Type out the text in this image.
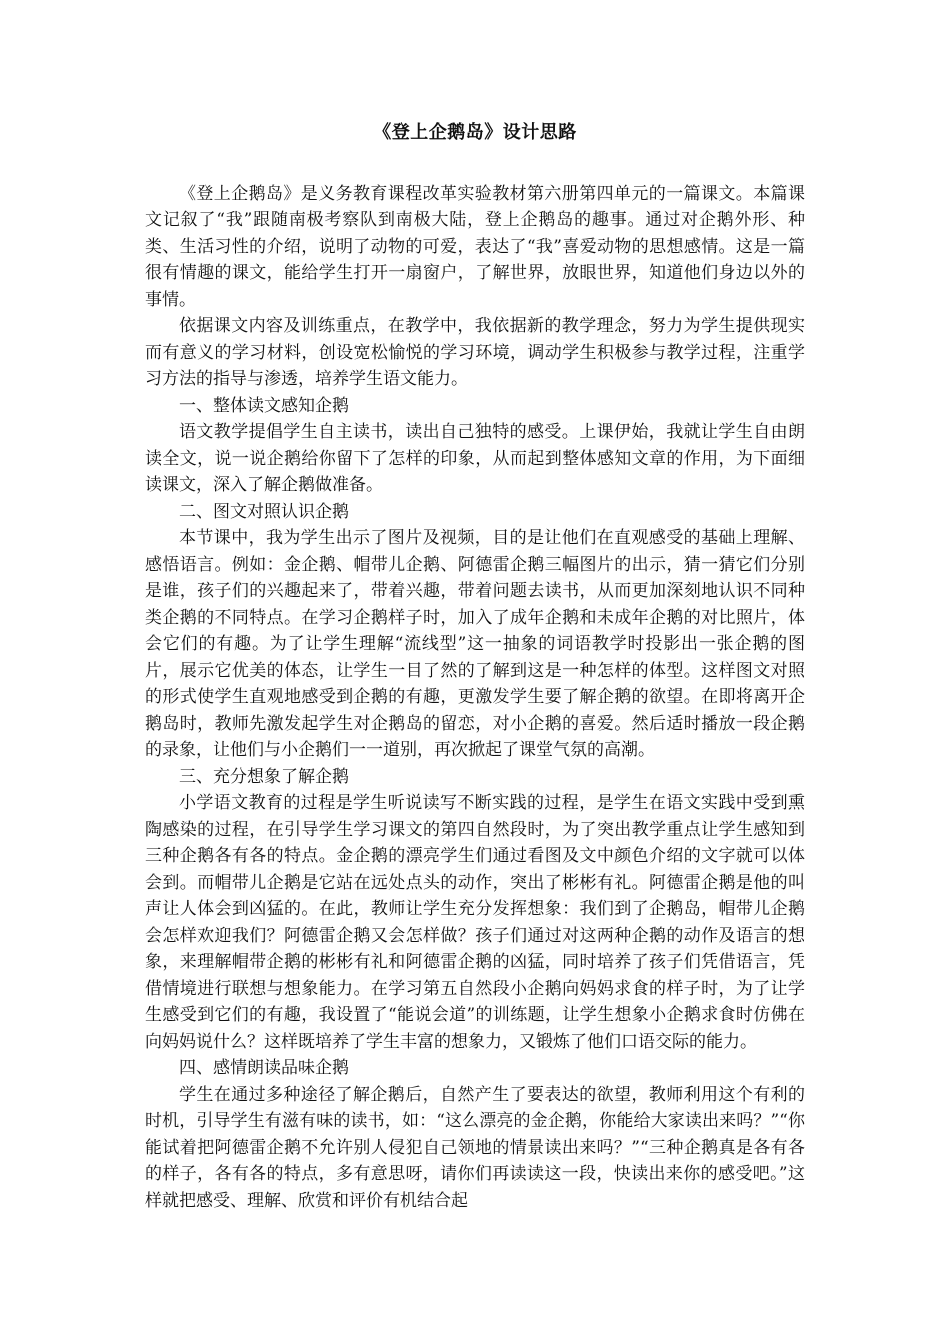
《登上企鹅岛》设计思路

《登上企鹅岛》是义务教育课程改革实验教材第六册第四单元的一篇课文。本篇课文记叙了“我”跟随南极考察队到南极大陆，登上企鹅岛的趣事。通过对企鹅外形、种类、生活习性的介绍，说明了动物的可爱，表达了“我”喜爱动物的思想感情。这是一篇很有情趣的课文，能给学生打开一扇窗户，了解世界，放眼世界，知道他们身边以外的事情。

依据课文内容及训练重点，在教学中，我依据新的教学理念，努力为学生提供现实而有意义的学习材料，创设宽松愉悦的学习环境，调动学生积极参与教学过程，注重学习方法的指导与渗透，培养学生语文能力。

一、整体读文感知企鹅

语文教学提倡学生自主读书，读出自己独特的感受。上课伊始，我就让学生自由朗读全文，说一说企鹅给你留下了怎样的印象，从而起到整体感知文章的作用，为下面细读课文，深入了解企鹅做准备。

二、图文对照认识企鹅

本节课中，我为学生出示了图片及视频，目的是让他们在直观感受的基础上理解、感悟语言。例如：金企鹅、帽带儿企鹅、阿德雷企鹅三幅图片的出示，猜一猜它们分别是谁，孩子们的兴趣起来了，带着兴趣，带着问题去读书，从而更加深刻地认识不同种类企鹅的不同特点。在学习企鹅样子时，加入了成年企鹅和未成年企鹅的对比照片，体会它们的有趣。为了让学生理解“流线型”这一抽象的词语教学时投影出一张企鹅的图片，展示它优美的体态，让学生一目了然的了解到这是一种怎样的体型。这样图文对照的形式使学生直观地感受到企鹅的有趣，更激发学生要了解企鹅的欲望。在即将离开企鹅岛时，教师先激发起学生对企鹅岛的留恋，对小企鹅的喜爱。然后适时播放一段企鹅的录象，让他们与小企鹅们一一道别，再次掀起了课堂气氛的高潮。

三、充分想象了解企鹅

小学语文教育的过程是学生听说读写不断实践的过程，是学生在语文实践中受到熏陶感染的过程，在引导学生学习课文的第四自然段时，为了突出教学重点让学生感知到三种企鹅各有各的特点。金企鹅的漂亮学生们通过看图及文中颜色介绍的文字就可以体会到。而帽带儿企鹅是它站在远处点头的动作，突出了彬彬有礼。阿德雷企鹅是他的叫声让人体会到凶猛的。在此，教师让学生充分发挥想象：我们到了企鹅岛，帽带儿企鹅会怎样欢迎我们？阿德雷企鹅又会怎样做？孩子们通过对这两种企鹅的动作及语言的想象，来理解帽带企鹅的彬彬有礼和阿德雷企鹅的凶猛，同时培养了孩子们凭借语言，凭借情境进行联想与想象能力。在学习第五自然段小企鹅向妈妈求食的样子时，为了让学生感受到它们的有趣，我设置了“能说会道”的训练题，让学生想象小企鹅求食时仿佛在向妈妈说什么？这样既培养了学生丰富的想象力，又锻炼了他们口语交际的能力。

四、感情朗读品味企鹅

学生在通过多种途径了解企鹅后，自然产生了要表达的欲望，教师利用这个有利的时机，引导学生有滋有味的读书，如：“这么漂亮的金企鹅，你能给大家读出来吗？”“你能试着把阿德雷企鹅不允许别人侵犯自己领地的情景读出来吗？”“三种企鹅真是各有各的样子，各有各的特点，多有意思呀，请你们再读读这一段，快读出来你的感受吧。”这样就把感受、理解、欣赏和评价有机结合起
